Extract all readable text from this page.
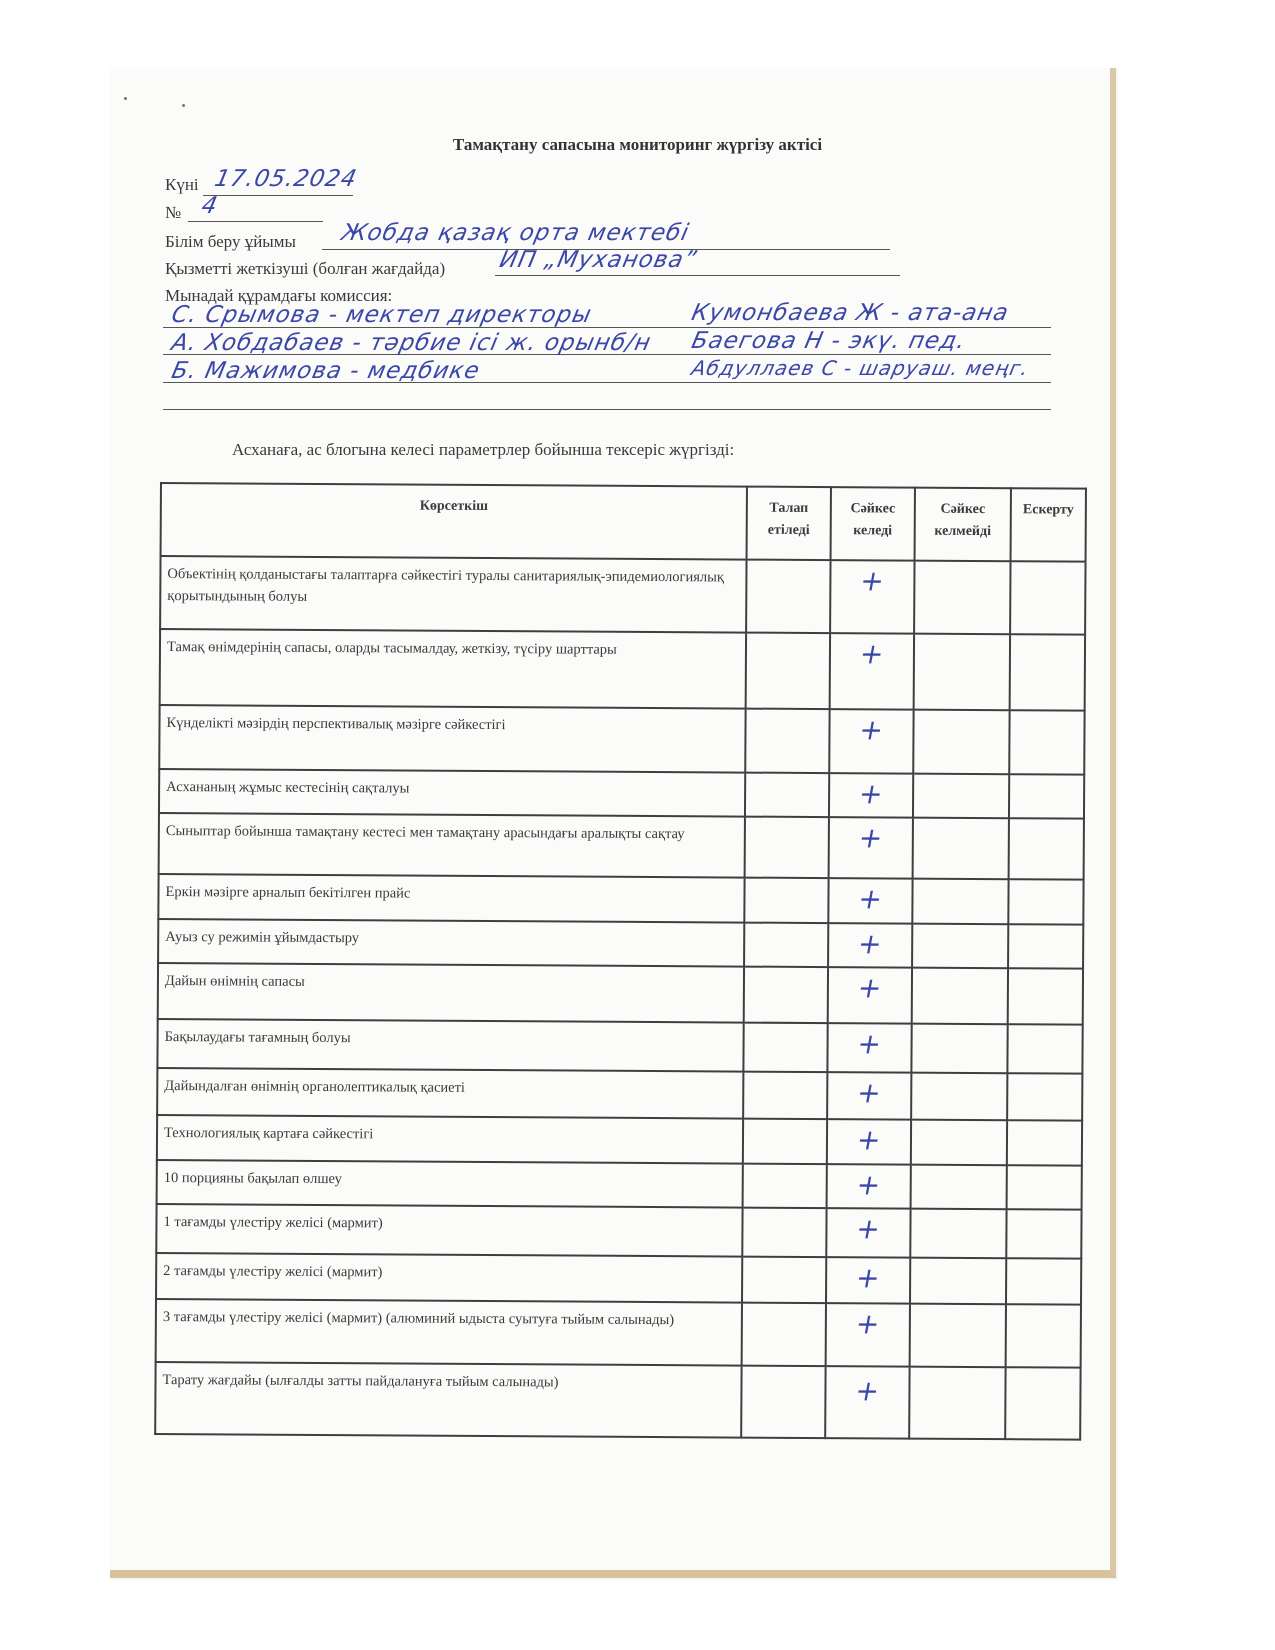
Тамақтану сапасына мониторинг жүргізу актісі
Күні 17.05.2024
№ 4
Білім беру ұйымы Жобда қазақ орта мектебі
Қызметті жеткізуші (болған жағдайда) ИП „Муханова”
Мынадай құрамдағы комиссия:
С. Срымова - мектеп директоры
А. Хобдабаев - тәрбие ісі ж. орынб/н
Б. Мажимова - медбике
Кумонбаева Ж - ата-ана
Баегова Н - экү. пед.
Абдуллаев С - шаруаш. меңг.
Асханаға, ас блогына келесі параметрлер бойынша тексеріс жүргізді:
Көрсеткіш	Талап етіледі	Сәйкес келеді	Сәйкес келмейді	Ескерту
Объектінің қолданыстағы талаптарға сәйкестігі туралы санитариялық-эпидемиологиялық қорытындының болуы		+		
Тамақ өнімдерінің сапасы, оларды тасымалдау, жеткізу, түсіру шарттары		+		
Күнделікті мәзірдің перспективалық мәзірге сәйкестігі		+		
Асхананың жұмыс кестесінің сақталуы		+		
Сыныптар бойынша тамақтану кестесі мен тамақтану арасындағы аралықты сақтау		+		
Еркін мәзірге арналып бекітілген прайс		+		
Ауыз су режимін ұйымдастыру		+		
Дайын өнімнің сапасы		+		
Бақылаудағы тағамның болуы		+		
Дайындалған өнімнің органолептикалық қасиеті		+		
Технологиялық картаға сәйкестігі		+		
10 порцияны бақылап өлшеу		+		
1 тағамды үлестіру желісі (мармит)		+		
2 тағамды үлестіру желісі (мармит)		+		
3 тағамды үлестіру желісі (мармит) (алюминий ыдыста суытуға тыйым салынады)		+		
Тарату жағдайы (ылғалды затты пайдалануға тыйым салынады)		+		
